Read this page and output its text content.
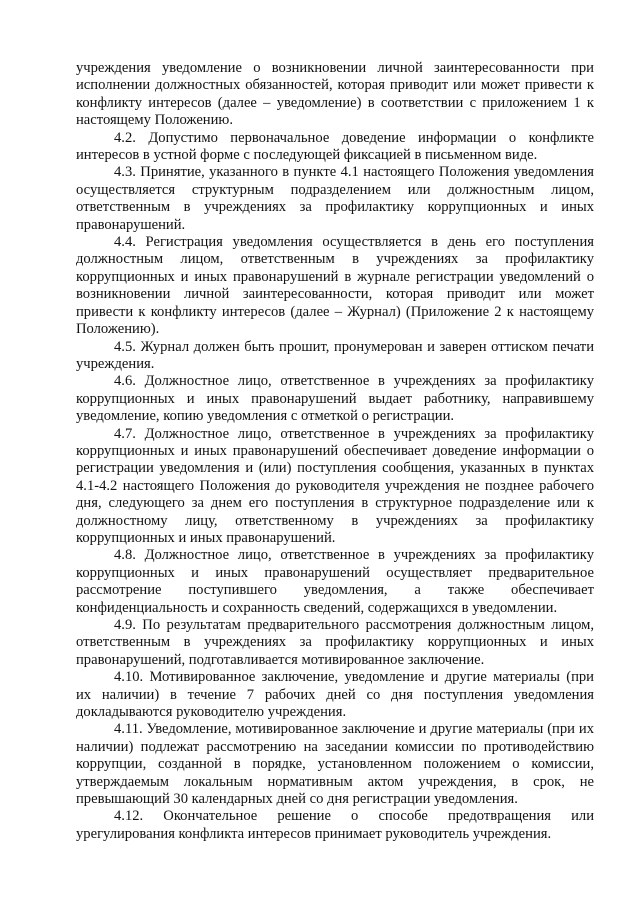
учреждения уведомление о возникновении личной заинтересованности при исполнении должностных обязанностей, которая приводит или может привести к конфликту интересов (далее – уведомление) в соответствии с приложением 1 к настоящему Положению.

4.2. Допустимо первоначальное доведение информации о конфликте интересов в устной форме с последующей фиксацией в письменном виде.

4.3. Принятие, указанного в пункте 4.1 настоящего Положения уведомления осуществляется структурным подразделением или должностным лицом, ответственным в учреждениях за профилактику коррупционных и иных правонарушений.

4.4. Регистрация уведомления осуществляется в день его поступления должностным лицом, ответственным в учреждениях за профилактику коррупционных и иных правонарушений в журнале регистрации уведомлений о возникновении личной заинтересованности, которая приводит или может привести к конфликту интересов (далее – Журнал) (Приложение 2 к настоящему Положению).

4.5. Журнал должен быть прошит, пронумерован и заверен оттиском печати учреждения.

4.6. Должностное лицо, ответственное в учреждениях за профилактику коррупционных и иных правонарушений выдает работнику, направившему уведомление, копию уведомления с отметкой о регистрации.

4.7. Должностное лицо, ответственное в учреждениях за профилактику коррупционных и иных правонарушений обеспечивает доведение информации о регистрации уведомления и (или) поступления сообщения, указанных в пунктах 4.1-4.2 настоящего Положения до руководителя учреждения не позднее рабочего дня, следующего за днем его поступления в структурное подразделение или к должностному лицу, ответственному в учреждениях за профилактику коррупционных и иных правонарушений.

4.8. Должностное лицо, ответственное в учреждениях за профилактику коррупционных и иных правонарушений осуществляет предварительное рассмотрение поступившего уведомления, а также обеспечивает конфиденциальность и сохранность сведений, содержащихся в уведомлении.

4.9. По результатам предварительного рассмотрения должностным лицом, ответственным в учреждениях за профилактику коррупционных и иных правонарушений, подготавливается мотивированное заключение.

4.10. Мотивированное заключение, уведомление и другие материалы (при их наличии) в течение 7 рабочих дней со дня поступления уведомления докладываются руководителю учреждения.

4.11. Уведомление, мотивированное заключение и другие материалы (при их наличии) подлежат рассмотрению на заседании комиссии по противодействию коррупции, созданной в порядке, установленном положением о комиссии, утверждаемым локальным нормативным актом учреждения, в срок, не превышающий 30 календарных дней со дня регистрации уведомления.

4.12. Окончательное решение о способе предотвращения или урегулирования конфликта интересов принимает руководитель учреждения.
